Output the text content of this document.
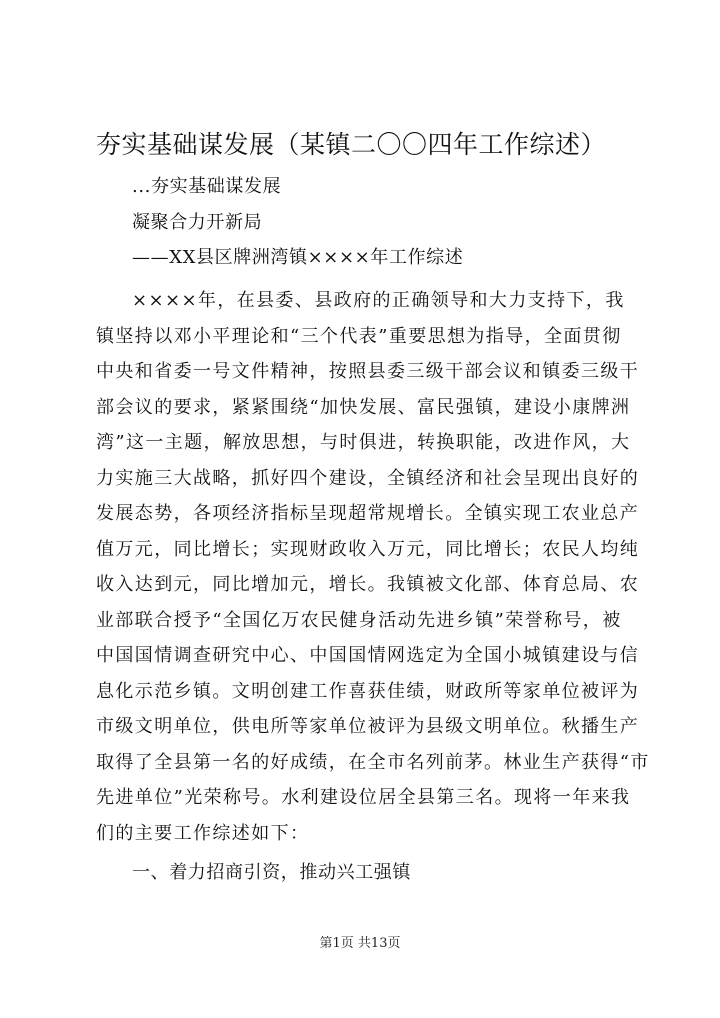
夯实基础谋发展（某镇二〇〇四年工作综述）
...夯实基础谋发展
凝聚合力开新局
——XX县区牌洲湾镇××××年工作综述
××××年，在县委、县政府的正确领导和大力支持下，我
镇坚持以邓小平理论和“三个代表”重要思想为指导，全面贯彻
中央和省委一号文件精神，按照县委三级干部会议和镇委三级干
部会议的要求，紧紧围绕“加快发展、富民强镇，建设小康牌洲
湾”这一主题，解放思想，与时俱进，转换职能，改进作风，大
力实施三大战略，抓好四个建设，全镇经济和社会呈现出良好的
发展态势，各项经济指标呈现超常规增长。全镇实现工农业总产
值万元，同比增长；实现财政收入万元，同比增长；农民人均纯
收入达到元，同比增加元，增长。我镇被文化部、体育总局、农
业部联合授予“全国亿万农民健身活动先进乡镇”荣誉称号，被
中国国情调查研究中心、中国国情网选定为全国小城镇建设与信
息化示范乡镇。文明创建工作喜获佳绩，财政所等家单位被评为
市级文明单位，供电所等家单位被评为县级文明单位。秋播生产
取得了全县第一名的好成绩，在全市名列前茅。林业生产获得“市
先进单位”光荣称号。水利建设位居全县第三名。现将一年来我
们的主要工作综述如下：
一、着力招商引资，推动兴工强镇
第1页 共13页
